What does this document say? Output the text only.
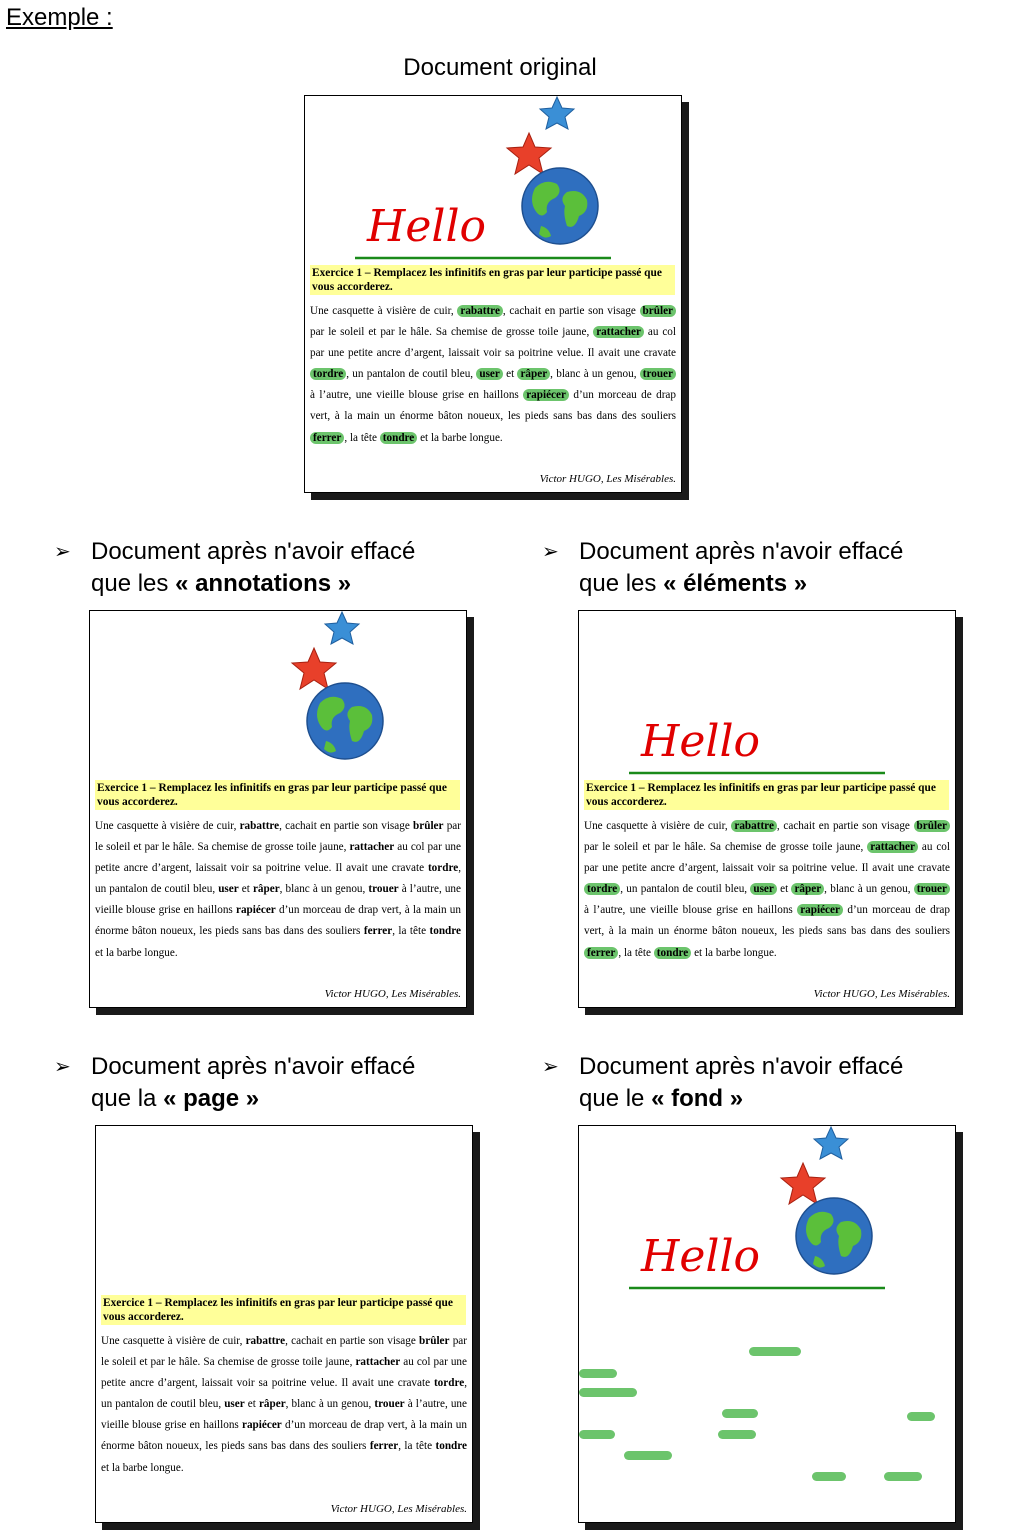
Exemple :
Document original
➢ Document après n'avoir effacé
que les « annotations »
➢ Document après n'avoir effacé
que les « éléments »
➢ Document après n'avoir effacé
que la « page »
➢ Document après n'avoir effacé
que le « fond »
Hello
Exercice 1 – Remplacez les infinitifs en gras par leur participe passé que vous accorderez.
Une casquette à visière de cuir, rabattre , cachait en partie son visage brûler par le soleil et par le hâle. Sa chemise de grosse toile jaune, rattacher au col par une petite ancre d’argent, laissait voir sa poitrine velue. Il avait une cravate tordre , un pantalon de coutil bleu, user et râper , blanc à un genou, trouer à l’autre, une vieille blouse grise en haillons rapiécer d’un morceau de drap vert, à la main un énorme bâton noueux, les pieds sans bas dans des souliers ferrer , la tête tondre et la barbe longue.
Victor HUGO, Les Misérables.
Exercice 1 – Remplacez les infinitifs en gras par leur participe passé que vous accorderez.
Une casquette à visière de cuir, rabattre, cachait en partie son visage brûler par le soleil et par le hâle. Sa chemise de grosse toile jaune, rattacher au col par une petite ancre d’argent, laissait voir sa poitrine velue. Il avait une cravate tordre, un pantalon de coutil bleu, user et râper, blanc à un genou, trouer à l’autre, une vieille blouse grise en haillons rapiécer d’un morceau de drap vert, à la main un énorme bâton noueux, les pieds sans bas dans des souliers ferrer, la tête tondre et la barbe longue.
Victor HUGO, Les Misérables.
Hello
Exercice 1 – Remplacez les infinitifs en gras par leur participe passé que vous accorderez.
Une casquette à visière de cuir, rabattre , cachait en partie son visage brûler par le soleil et par le hâle. Sa chemise de grosse toile jaune, rattacher au col par une petite ancre d’argent, laissait voir sa poitrine velue. Il avait une cravate tordre , un pantalon de coutil bleu, user et râper , blanc à un genou, trouer à l’autre, une vieille blouse grise en haillons rapiécer d’un morceau de drap vert, à la main un énorme bâton noueux, les pieds sans bas dans des souliers ferrer , la tête tondre et la barbe longue.
Victor HUGO, Les Misérables.
Exercice 1 – Remplacez les infinitifs en gras par leur participe passé que vous accorderez.
Une casquette à visière de cuir, rabattre, cachait en partie son visage brûler par le soleil et par le hâle. Sa chemise de grosse toile jaune, rattacher au col par une petite ancre d’argent, laissait voir sa poitrine velue. Il avait une cravate tordre, un pantalon de coutil bleu, user et râper, blanc à un genou, trouer à l’autre, une vieille blouse grise en haillons rapiécer d’un morceau de drap vert, à la main un énorme bâton noueux, les pieds sans bas dans des souliers ferrer, la tête tondre et la barbe longue.
Victor HUGO, Les Misérables.
Hello
